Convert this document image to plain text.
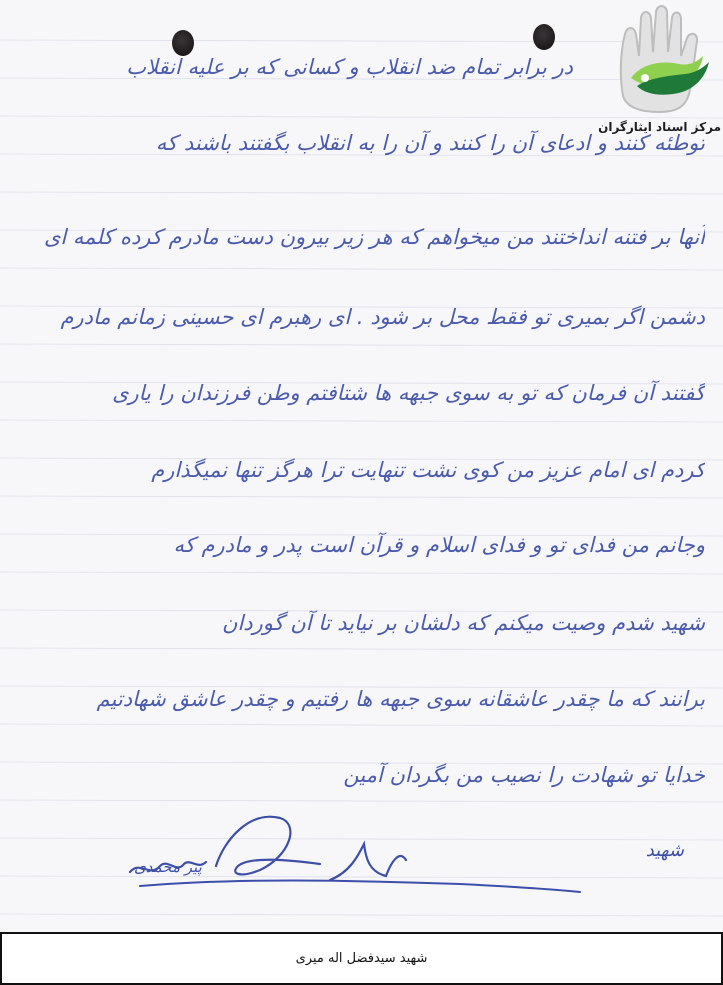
مرکز اسناد ایثارگران
در برابر تمام ضد انقلاب و کسانی که بر علیه انقلاب
توطئه کنند و ادعای آن را کنند و آن را به انقلاب بگفتند باشند که
آنها بر فتنه انداختند من میخواهم که هر زیر بیرون دست مادرم کرده کلمه ای
دشمن اگر بمیری تو فقط محل بر شود . ای رهبرم ای حسینی زمانم مادرم
گفتند آن فرمان که تو به سوی جبهه ها شتافتم وطن فرزندان را یاری
کردم ای امام عزیز من کوی نشت تنهایت ترا هرگز تنها نمیگذارم
وجانم من فدای تو و فدای اسلام و قرآن است پدر و مادرم که
شهید شدم وصیت میکنم که دلشان بر نیاید تا آن گوردان
برانند که ما چقدر عاشقانه سوی جبهه ها رفتیم و چقدر عاشق شهادتیم
خدایا تو شهادت را نصیب من بگردان آمین
شهید
پیر محمدی
شهید سیدفضل اله میری
